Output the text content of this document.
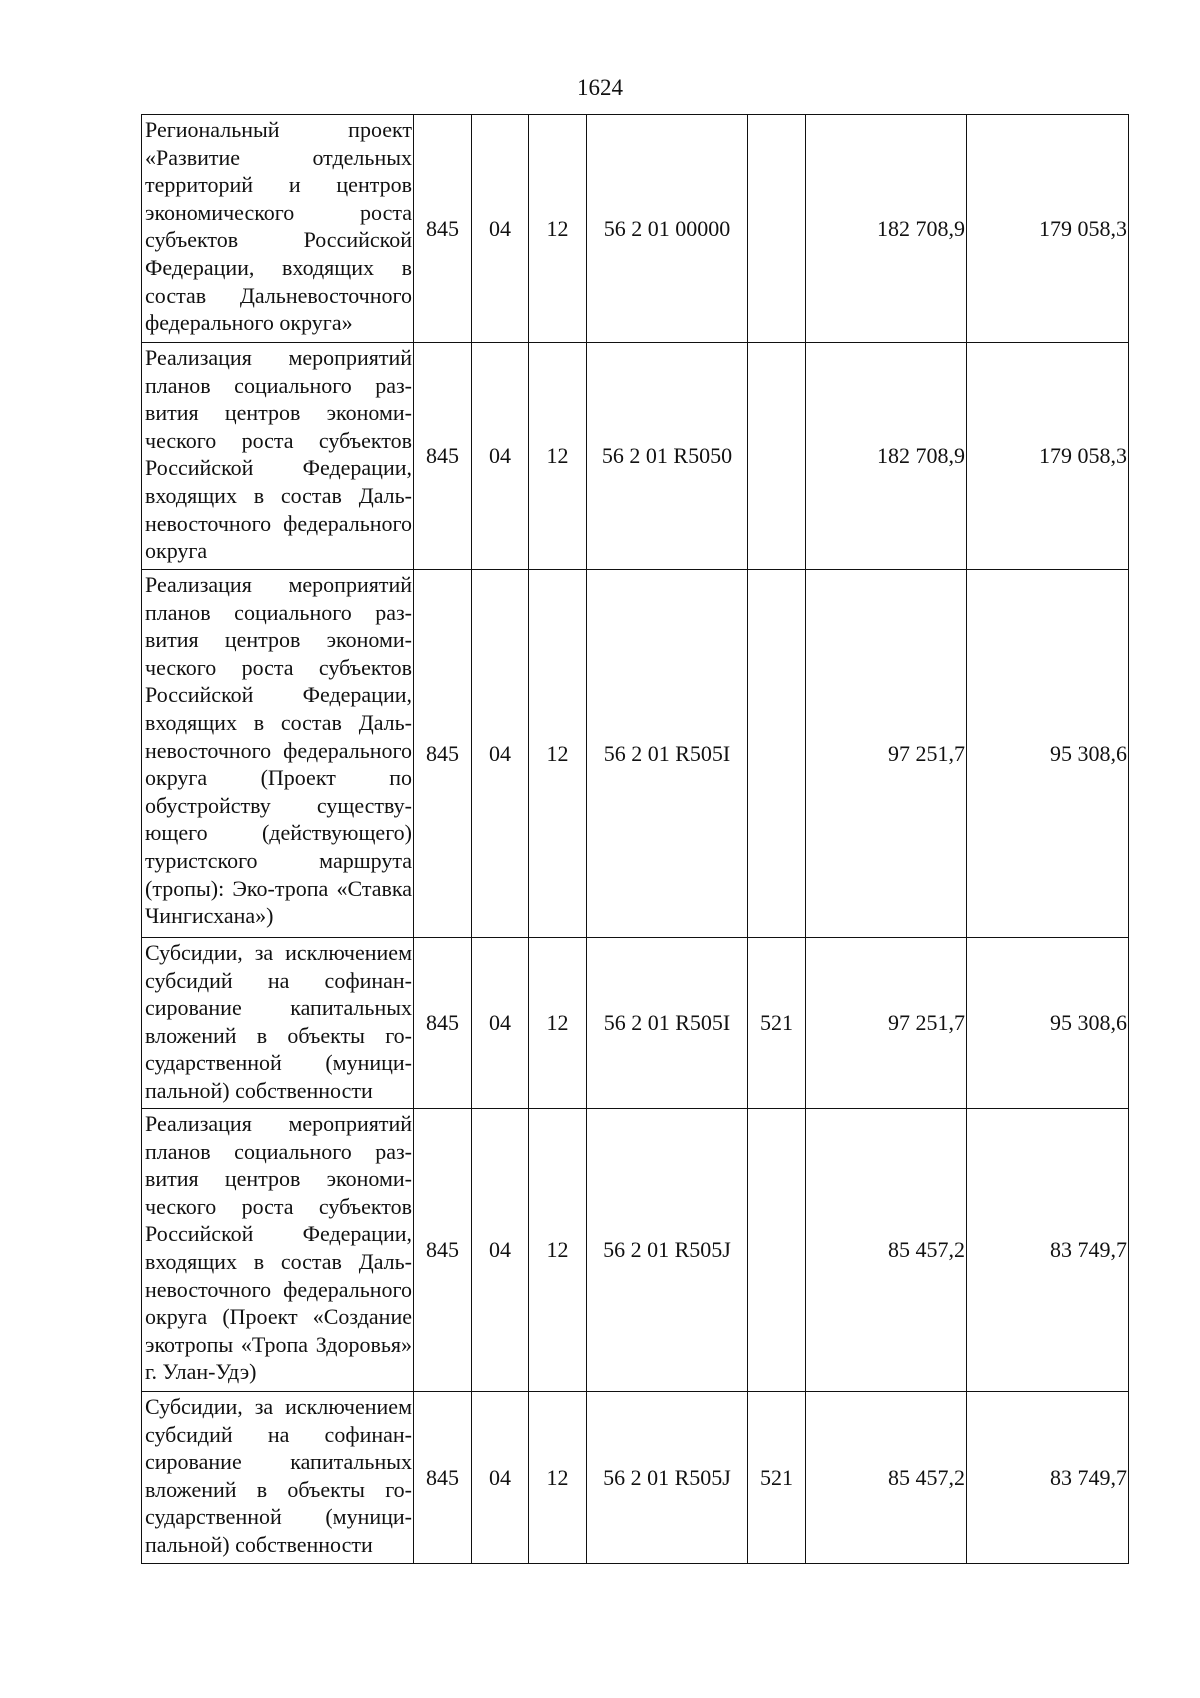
1624
Региональный проект «Развитие отдельных территорий и центров экономического роста субъектов Российской Федерации, входящих в состав Дальневосточного федерального округа»	845	04	12	56 2 01 00000		182 708,9	179 058,3
Реализация мероприятий планов социального развития центров экономического роста субъектов Российской Федерации, входящих в состав Дальневосточного федерального округа	845	04	12	56 2 01 R5050		182 708,9	179 058,3
Реализация мероприятий планов социального развития центров экономического роста субъектов Российской Федерации, входящих в состав Дальневосточного федерального округа (Проект по обустройству существующего (действующего) туристского маршрута (тропы): Эко-тропа «Ставка Чингисхана»)	845	04	12	56 2 01 R505I		97 251,7	95 308,6
Субсидии, за исключением субсидий на софинансирование капитальных вложений в объекты государственной (муниципальной) собственности	845	04	12	56 2 01 R505I	521	97 251,7	95 308,6
Реализация мероприятий планов социального развития центров экономического роста субъектов Российской Федерации, входящих в состав Дальневосточного федерального округа (Проект «Создание экотропы «Тропа Здоровья» г. Улан-Удэ)	845	04	12	56 2 01 R505J		85 457,2	83 749,7
Субсидии, за исключением субсидий на софинансирование капитальных вложений в объекты государственной (муниципальной) собственности	845	04	12	56 2 01 R505J	521	85 457,2	83 749,7
